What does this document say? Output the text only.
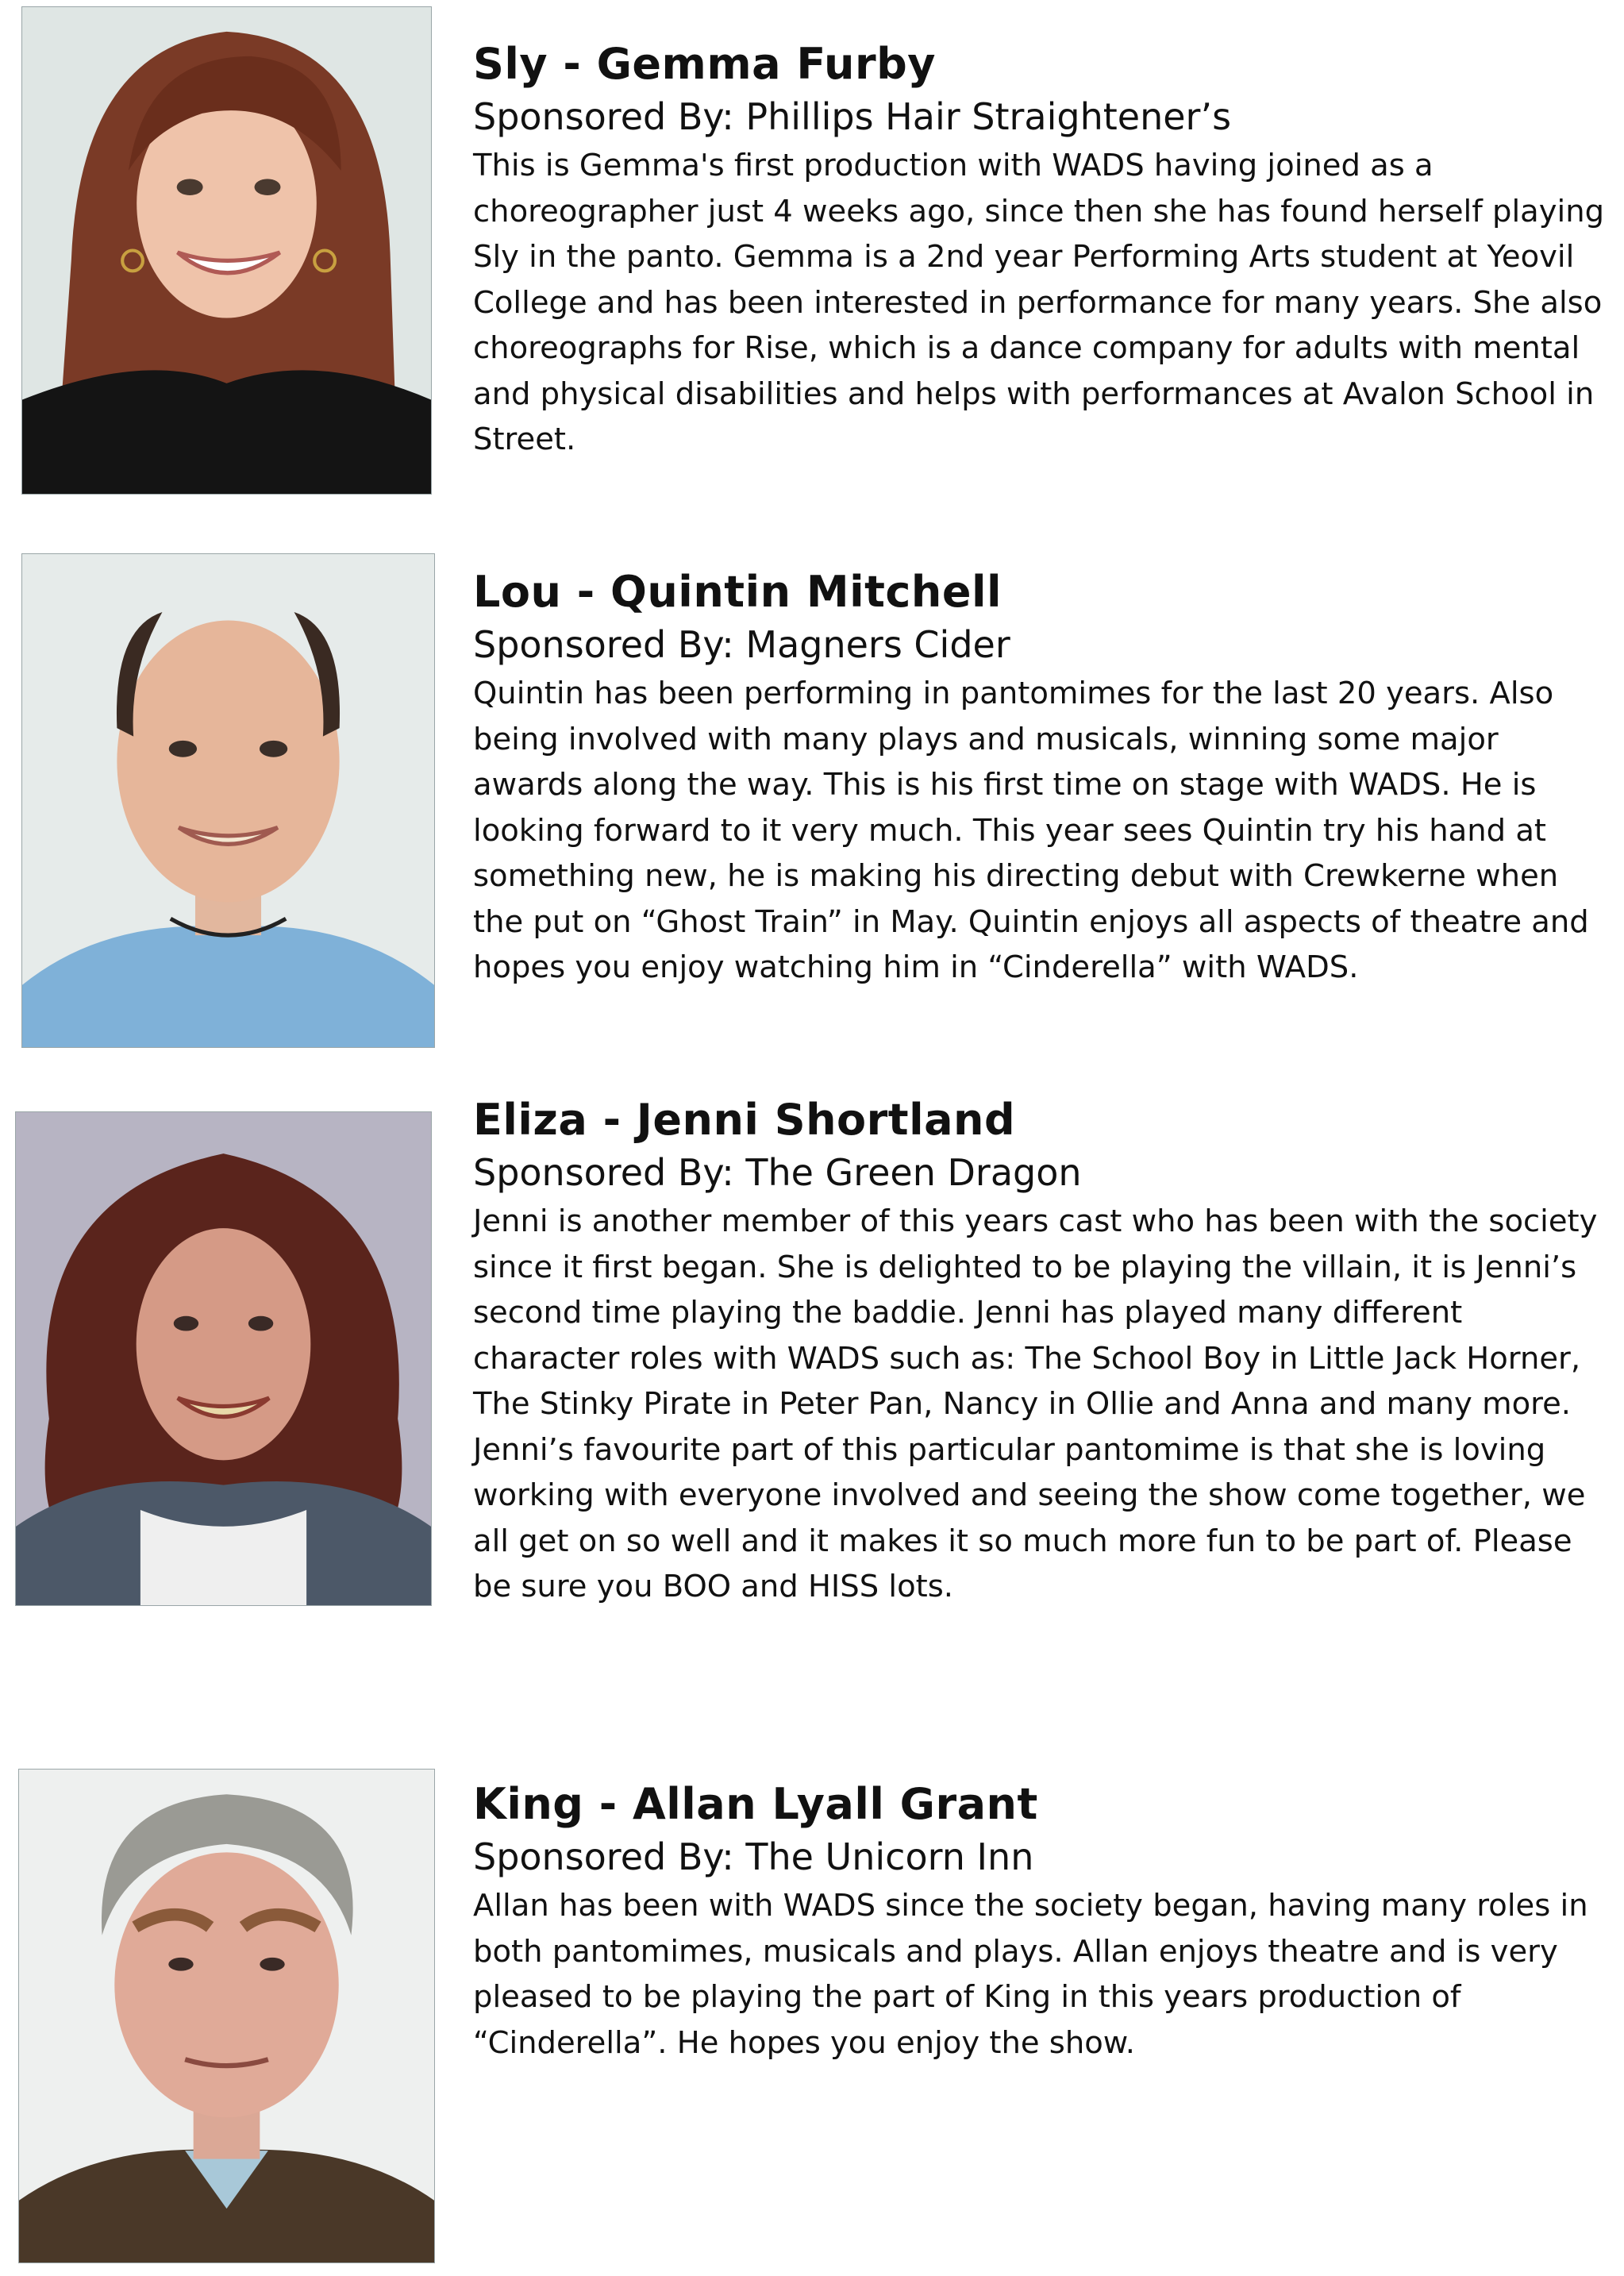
Sly - Gemma Furby

Sponsored By: Phillips Hair Straightener’s

This is Gemma's first production with WADS having joined as a choreographer just 4 weeks ago, since then she has found herself playing Sly in the panto. Gemma is a 2nd year Performing Arts student at Yeovil College and has been interested in performance for many years. She also choreographs for Rise, which is a dance company for adults with mental and physical disabilities and helps with performances at Avalon School in Street.

Lou - Quintin Mitchell

Sponsored By: Magners Cider

Quintin has been performing in pantomimes for the last 20 years. Also being involved with many plays and musicals, winning some major awards along the way. This is his first time on stage with WADS. He is looking forward to it very much. This year sees Quintin try his hand at something new, he is making his directing debut with Crewkerne when the put on “Ghost Train” in May. Quintin enjoys all aspects of theatre and hopes you enjoy watching him in “Cinderella” with WADS.

Eliza - Jenni Shortland

Sponsored By: The Green Dragon

Jenni is another member of this years cast who has been with the society since it first began. She is delighted to be playing the villain, it is Jenni’s second time playing the baddie. Jenni has played many different character roles with WADS such as: The School Boy in Little Jack Horner, The Stinky Pirate in Peter Pan, Nancy in Ollie and Anna and many more. Jenni’s favourite part of this particular pantomime is that she is loving working with everyone involved and seeing the show come together, we all get on so well and it makes it so much more fun to be part of. Please be sure you BOO and HISS lots.

King - Allan Lyall Grant

Sponsored By: The Unicorn Inn

Allan has been with WADS since the society began, having many roles in both pantomimes, musicals and plays. Allan enjoys theatre and is very pleased to be playing the part of King in this years production of “Cinderella”. He hopes you enjoy the show.
